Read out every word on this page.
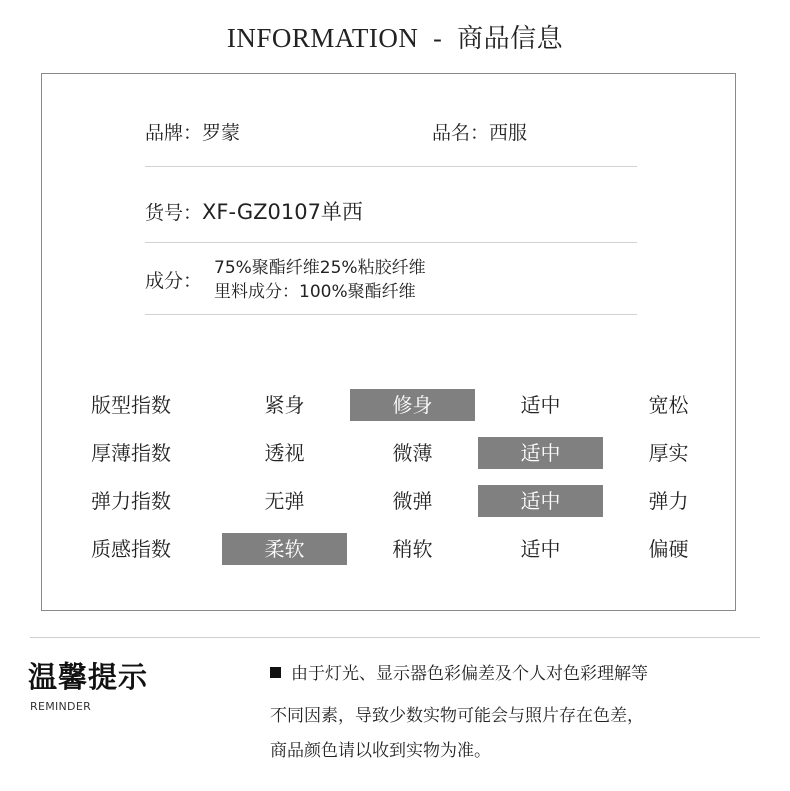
INFORMATION - 商品信息
品牌：罗蒙	品名：西服
货号：XF-GZ0107单西
成分：
75%聚酯纤维25%粘胶纤维
里料成分：100%聚酯纤维
版型指数	紧身	修身	适中	宽松
厚薄指数	透视	微薄	适中	厚实
弹力指数	无弹	微弹	适中	弹力
质感指数	柔软	稍软	适中	偏硬
温馨提示
REMINDER
由于灯光、显示器色彩偏差及个人对色彩理解等
不同因素，导致少数实物可能会与照片存在色差，
商品颜色请以收到实物为准。
